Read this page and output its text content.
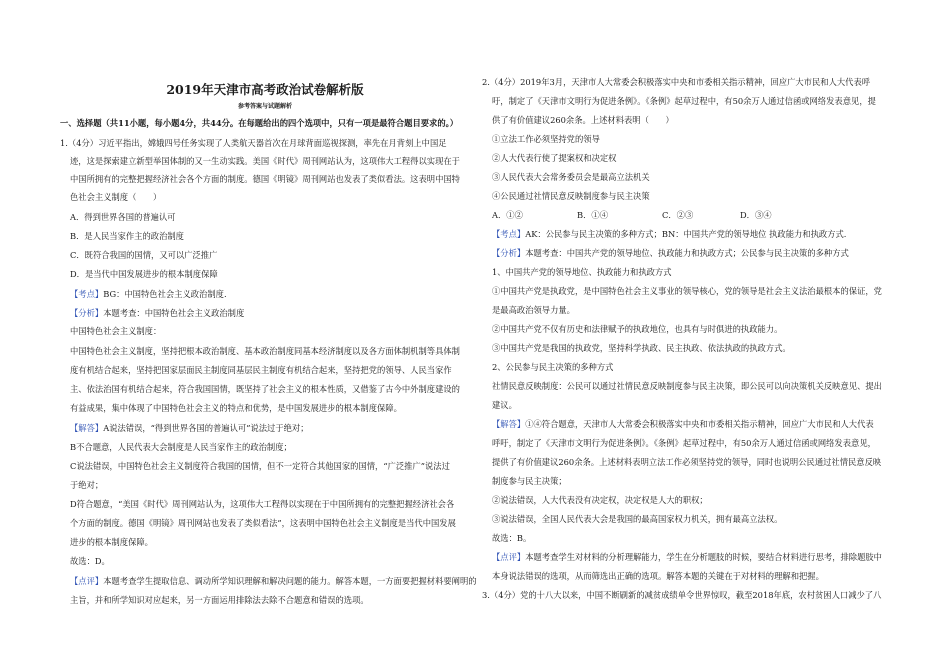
2019年天津市高考政治试卷解析版
参考答案与试题解析
一、选择题（共11小题，每小题4分，共44分。在每题给出的四个选项中，只有一项是最符合题目要求的。）
1.（4分）习近平指出，嫦娥四号任务实现了人类航天器首次在月球背面巡视探测，率先在月背刻上中国足
迹，这是探索建立新型举国体制的又一生动实践。美国《时代》周刊网站认为，这项伟大工程得以实现在于
中国所拥有的完整把握经济社会各个方面的制度。德国《明镜》周刊网站也发表了类似看法。这表明中国特
色社会主义制度（　　）
A．得到世界各国的普遍认可
B．是人民当家作主的政治制度
C．既符合我国的国情，又可以广泛推广
D．是当代中国发展进步的根本制度保障
【考点】BG：中国特色社会主义政治制度.
【分析】本题考查：中国特色社会主义政治制度
中国特色社会主义制度：
中国特色社会主义制度，坚持把根本政治制度、基本政治制度同基本经济制度以及各方面体制机制等具体制
度有机结合起来，坚持把国家层面民主制度同基层民主制度有机结合起来，坚持把党的领导、人民当家作
主、依法治国有机结合起来，符合我国国情，既坚持了社会主义的根本性质，又借鉴了古今中外制度建设的
有益成果，集中体现了中国特色社会主义的特点和优势，是中国发展进步的根本制度保障。
【解答】A说法错误，“得到世界各国的普遍认可”说法过于绝对；
B不合题意，人民代表大会制度是人民当家作主的政治制度；
C说法错误，中国特色社会主义制度符合我国的国情，但不一定符合其他国家的国情，“广泛推广”说法过
于绝对；
D符合题意，“美国《时代》周刊网站认为，这项伟大工程得以实现在于中国所拥有的完整把握经济社会各
个方面的制度。德国《明镜》周刊网站也发表了类似看法”，这表明中国特色社会主义制度是当代中国发展
进步的根本制度保障。
故选：D。
【点评】本题考查学生提取信息、调动所学知识理解和解决问题的能力。解答本题，一方面要把握材料要阐明的
主旨，并和所学知识对应起来，另一方面运用排除法去除不合题意和错误的选项。
A．①②	B．①④	C．②③	D．③④
2.（4分）2019年3月，天津市人大常委会积极落实中央和市委相关指示精神，回应广大市民和人大代表呼
吁，制定了《天津市文明行为促进条例》。《条例》起草过程中，有50余万人通过信函或网络发表意见，提
供了有价值建议260余条。上述材料表明（　　）
①立法工作必须坚持党的领导
②人大代表行使了提案权和决定权
③人民代表大会常务委员会是最高立法机关
④公民通过社情民意反映制度参与民主决策
【考点】AK：公民参与民主决策的多种方式；BN：中国共产党的领导地位 执政能力和执政方式.
【分析】本题考查：中国共产党的领导地位、执政能力和执政方式；公民参与民主决策的多种方式
1、中国共产党的领导地位、执政能力和执政方式
①中国共产党是执政党，是中国特色社会主义事业的领导核心，党的领导是社会主义法治最根本的保证，党
是最高政治领导力量。
②中国共产党不仅有历史和法律赋予的执政地位，也具有与时俱进的执政能力。
③中国共产党是我国的执政党，坚持科学执政、民主执政、依法执政的执政方式。
2、公民参与民主决策的多种方式
社情民意反映制度：公民可以通过社情民意反映制度参与民主决策，即公民可以向决策机关反映意见、提出
建议。
【解答】①④符合题意，天津市人大常委会积极落实中央和市委相关指示精神，回应广大市民和人大代表
呼吁，制定了《天津市文明行为促进条例》。《条例》起草过程中，有50余万人通过信函或网络发表意见，
提供了有价值建议260余条。上述材料表明立法工作必须坚持党的领导，同时也说明公民通过社情民意反映
制度参与民主决策；
②说法错误，人大代表没有决定权，决定权是人大的职权；
③说法错误，全国人民代表大会是我国的最高国家权力机关，拥有最高立法权。
故选：B。
【点评】本题考查学生对材料的分析理解能力，学生在分析题肢的时候，要结合材料进行思考，排除题肢中
本身说法错误的选项，从而筛选出正确的选项。解答本题的关键在于对材料的理解和把握。
3.（4分）党的十八大以来，中国不断刷新的减贫成绩单令世界惊叹，截至2018年底，农村贫困人口减少了八
